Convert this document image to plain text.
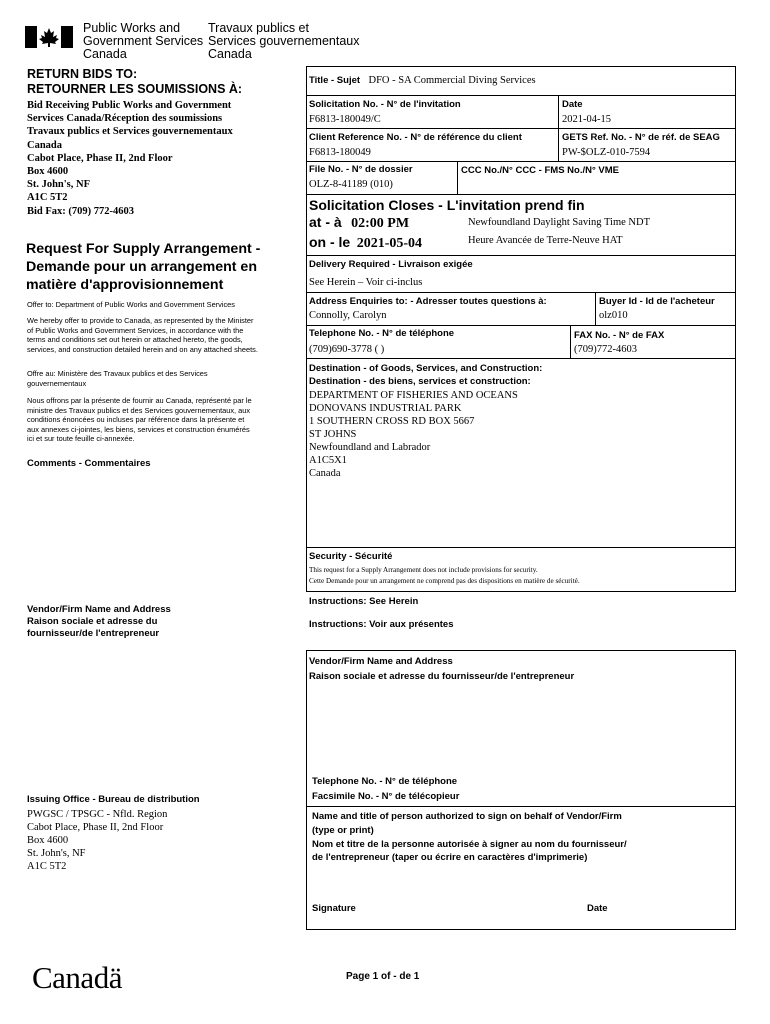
Public Works and
Government Services
Canada
Travaux publics et
Services gouvernementaux
Canada
RETURN BIDS TO:
RETOURNER LES SOUMISSIONS À:
Bid Receiving Public Works and Government
Services Canada/Réception des soumissions
Travaux publics et Services gouvernementaux
Canada
Cabot Place, Phase II, 2nd Floor
Box 4600
St. John's, NF
A1C 5T2
Bid Fax: (709) 772-4603
Request For Supply Arrangement -
Demande pour un arrangement en
matière d'approvisionnement
Offer to: Department of Public Works and Government Services
We hereby offer to provide to Canada, as represented by the Minister
of Public Works and Government Services, in accordance with the
terms and conditions set out herein or attached hereto, the goods,
services, and construction detailed herein and on any attached sheets.
Offre au: Ministère des Travaux publics et des Services
gouvernementaux
Nous offrons par la présente de fournir au Canada, représenté par le
ministre des Travaux publics et des Services gouvernementaux, aux
conditions énoncées ou incluses par référence dans la présente et
aux annexes ci-jointes, les biens, services et construction énumérés
ici et sur toute feuille ci-annexée.
Comments - Commentaires
Vendor/Firm Name and Address
Raison sociale et adresse du
fournisseur/de l'entrepreneur
Issuing Office - Bureau de distribution
PWGSC / TPSGC - Nfld. Region
Cabot Place, Phase II, 2nd Floor
Box 4600
St. John's, NF
A1C 5T2
Title - Sujet DFO - SA Commercial Diving Services
Solicitation No. - N° de l'invitation
F6813-180049/C
Date
2021-04-15
Client Reference No. - N° de référence du client
F6813-180049
GETS Ref. No. - N° de réf. de SEAG
PW-$OLZ-010-7594
File No. - N° de dossier
OLZ-8-41189 (010)
CCC No./N° CCC - FMS No./N° VME
Solicitation Closes - L'invitation prend fin
at - à 02:00 PM
on - le 2021-05-04
Newfoundland Daylight Saving Time NDT
Heure Avancée de Terre-Neuve HAT
Delivery Required - Livraison exigée
See Herein – Voir ci-inclus
Address Enquiries to: - Adresser toutes questions à:
Connolly, Carolyn
Buyer Id - Id de l'acheteur
olz010
Telephone No. - N° de téléphone
(709)690-3778 ( )
FAX No. - N° de FAX
(709)772-4603
Destination - of Goods, Services, and Construction:
Destination - des biens, services et construction:
DEPARTMENT OF FISHERIES AND OCEANS
DONOVANS INDUSTRIAL PARK
1 SOUTHERN CROSS RD BOX 5667
ST JOHNS
Newfoundland and Labrador
A1C5X1
Canada
Security - Sécurité
This request for a Supply Arrangement does not include provisions for security.
Cette Demande pour un arrangement ne comprend pas des dispositions en matière de sécurité.
Instructions: See Herein
Instructions: Voir aux présentes
Vendor/Firm Name and Address
Raison sociale et adresse du fournisseur/de l'entrepreneur
Telephone No. - N° de téléphone
Facsimile No. - N° de télécopieur
Name and title of person authorized to sign on behalf of Vendor/Firm
(type or print)
Nom et titre de la personne autorisée à signer au nom du fournisseur/
de l'entrepreneur (taper ou écrire en caractères d'imprimerie)
Signature	Date
Canadä	Page 1 of - de 1
